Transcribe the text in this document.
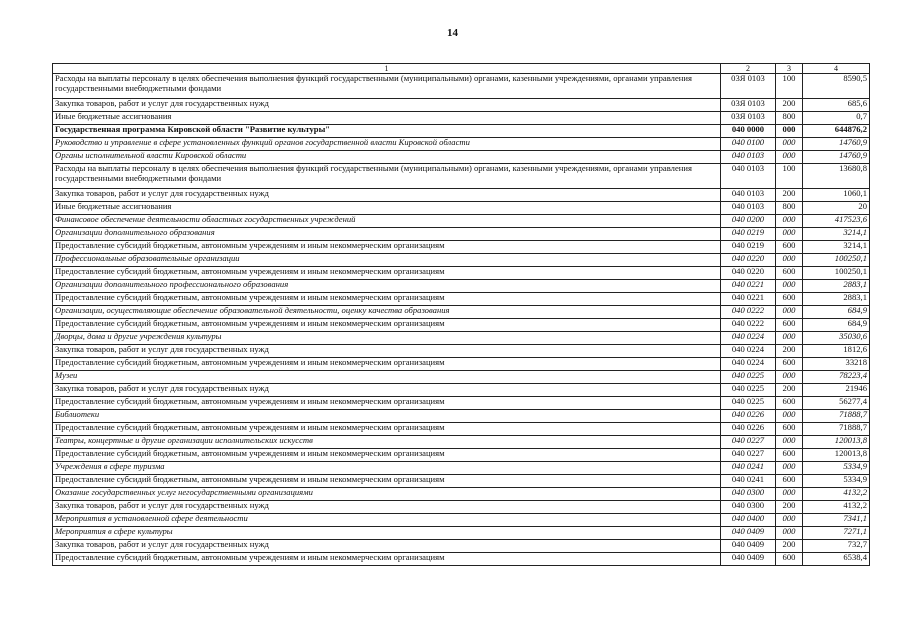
14
1	2	3	4
Расходы на выплаты персоналу в целях обеспечения выполнения функций государственными (муниципальными) органами, казенными учреждениями, органами управления государственными внебюджетными фондами	03Я 0103	100	8590,5
Закупка товаров, работ и услуг для государственных нужд	03Я 0103	200	685,6
Иные бюджетные ассигнования	03Я 0103	800	0,7
Государственная программа Кировской области "Развитие культуры"	040 0000	000	644876,2
Руководство и управление в сфере установленных функций органов государственной власти Кировской области	040 0100	000	14760,9
Органы исполнительной власти Кировской области	040 0103	000	14760,9
Расходы на выплаты персоналу в целях обеспечения выполнения функций государственными (муниципальными) органами, казенными учреждениями, органами управления государственными внебюджетными фондами	040 0103	100	13680,8
Закупка товаров, работ и услуг для государственных нужд	040 0103	200	1060,1
Иные бюджетные ассигнования	040 0103	800	20
Финансовое обеспечение деятельности областных государственных учреждений	040 0200	000	417523,6
Организации дополнительного образования	040 0219	000	3214,1
Предоставление субсидий бюджетным, автономным учреждениям и иным некоммерческим организациям	040 0219	600	3214,1
Профессиональные образовательные организации	040 0220	000	100250,1
Предоставление субсидий бюджетным, автономным учреждениям и иным некоммерческим организациям	040 0220	600	100250,1
Организации дополнительного профессионального образования	040 0221	000	2883,1
Предоставление субсидий бюджетным, автономным учреждениям и иным некоммерческим организациям	040 0221	600	2883,1
Организации, осуществляющие обеспечение образовательной деятельности, оценку качества образования	040 0222	000	684,9
Предоставление субсидий бюджетным, автономным учреждениям и иным некоммерческим организациям	040 0222	600	684,9
Дворцы, дома и другие учреждения культуры	040 0224	000	35030,6
Закупка товаров, работ и услуг для государственных нужд	040 0224	200	1812,6
Предоставление субсидий бюджетным, автономным учреждениям и иным некоммерческим организациям	040 0224	600	33218
Музеи	040 0225	000	78223,4
Закупка товаров, работ и услуг для государственных нужд	040 0225	200	21946
Предоставление субсидий бюджетным, автономным учреждениям и иным некоммерческим организациям	040 0225	600	56277,4
Библиотеки	040 0226	000	71888,7
Предоставление субсидий бюджетным, автономным учреждениям и иным некоммерческим организациям	040 0226	600	71888,7
Театры, концертные и другие организации исполнительских искусств	040 0227	000	120013,8
Предоставление субсидий бюджетным, автономным учреждениям и иным некоммерческим организациям	040 0227	600	120013,8
Учреждения в сфере туризма	040 0241	000	5334,9
Предоставление субсидий бюджетным, автономным учреждениям и иным некоммерческим организациям	040 0241	600	5334,9
Оказание государственных услуг негосударственными организациями	040 0300	000	4132,2
Закупка товаров, работ и услуг для государственных нужд	040 0300	200	4132,2
Мероприятия в установленной сфере деятельности	040 0400	000	7341,1
Мероприятия в сфере культуры	040 0409	000	7271,1
Закупка товаров, работ и услуг для государственных нужд	040 0409	200	732,7
Предоставление субсидий бюджетным, автономным учреждениям и иным некоммерческим организациям	040 0409	600	6538,4
